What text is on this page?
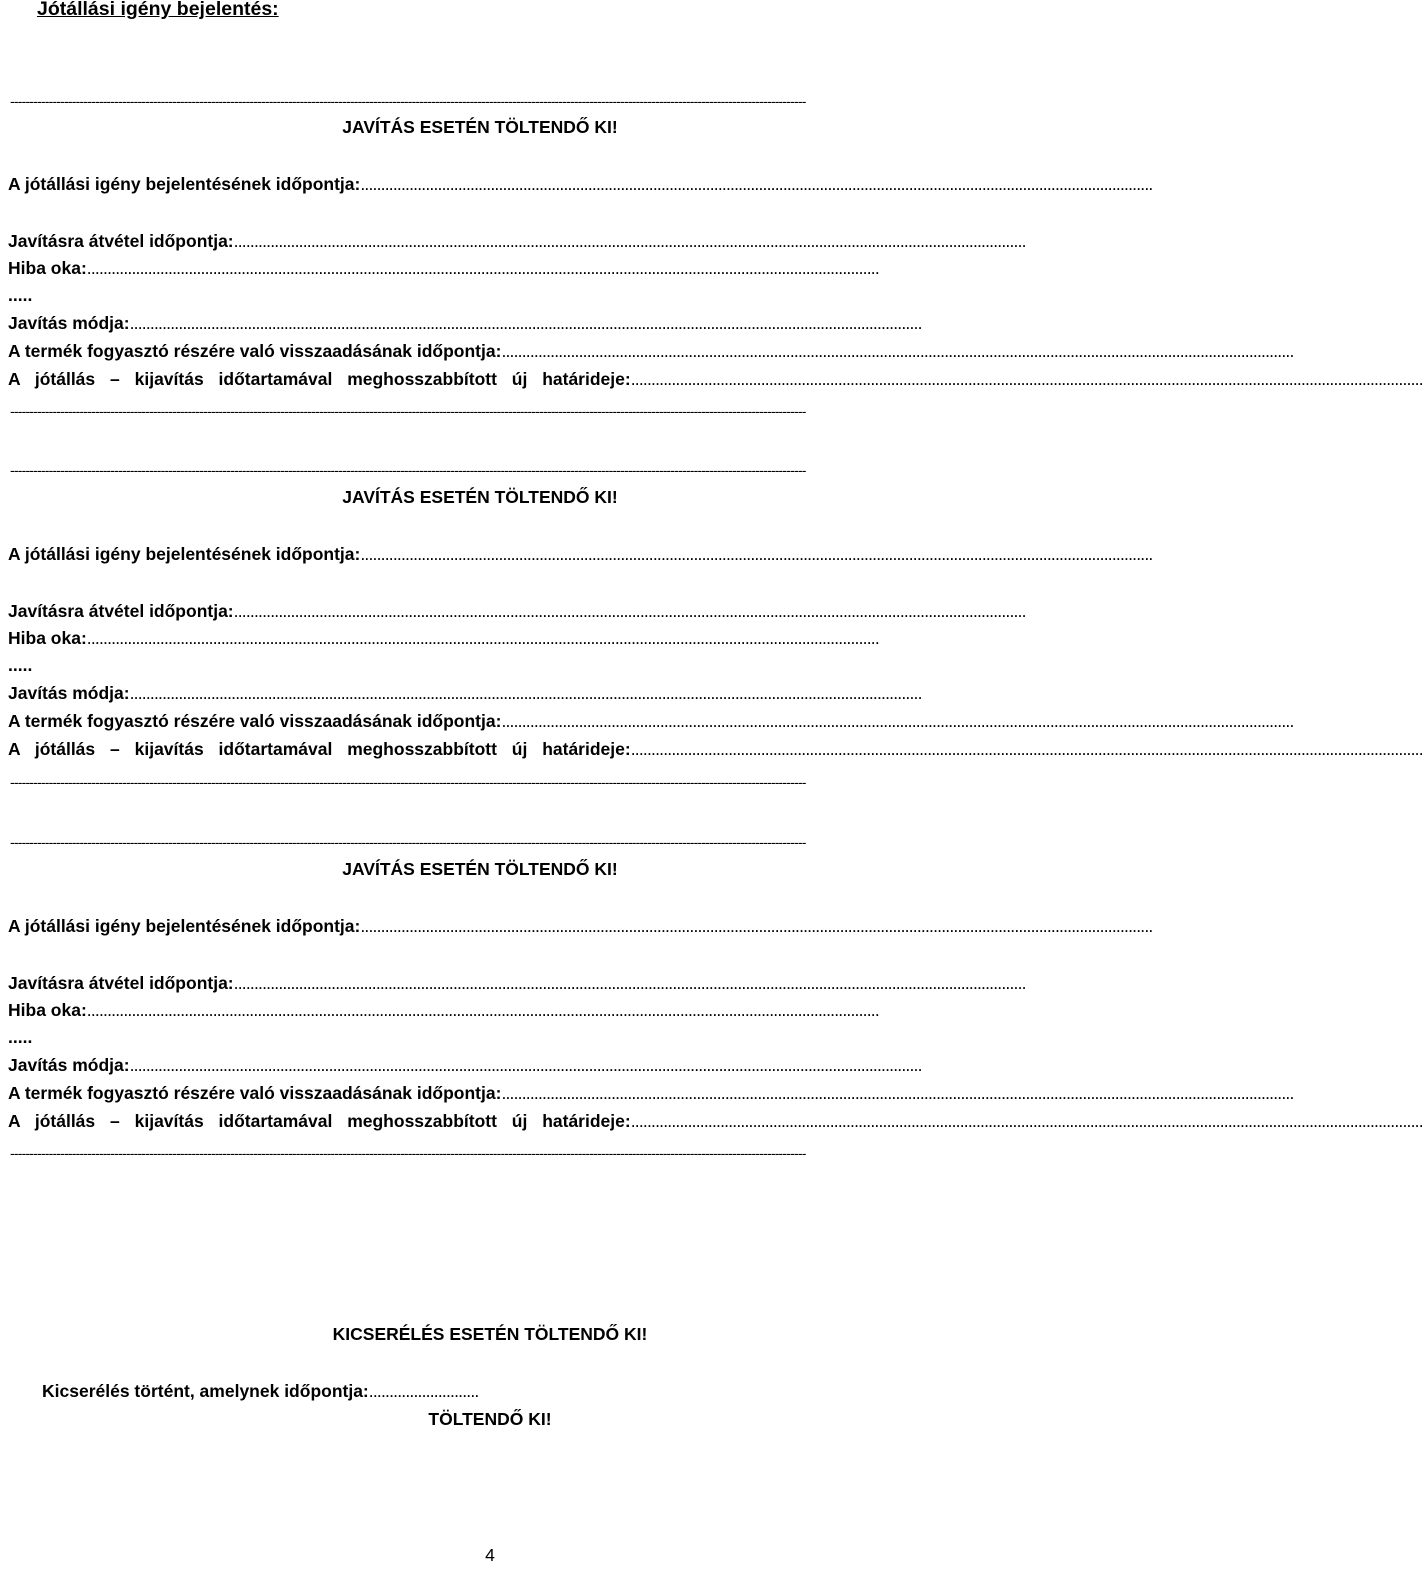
Jótállási igény bejelentés:
--------------------------------------------------------------------------------------------------------------------------------------------------------------------------------------------------------------
JAVÍTÁS ESETÉN TÖLTENDŐ KI!
A jótállási igény bejelentésének időpontja: ...................................................................................................................................................................................................
Javításra átvétel időpontja: ...................................................................................................................................................................................................
Hiba oka: ...................................................................................................................................................................................................
.....
Javítás módja: ...................................................................................................................................................................................................
A termék fogyasztó részére való visszaadásának időpontja: ...................................................................................................................................................................................................
A jótállás – kijavítás időtartamával meghosszabbított új határideje: ...................................................................................................................................................................................................
--------------------------------------------------------------------------------------------------------------------------------------------------------------------------------------------------------------
--------------------------------------------------------------------------------------------------------------------------------------------------------------------------------------------------------------
JAVÍTÁS ESETÉN TÖLTENDŐ KI!
A jótállási igény bejelentésének időpontja: ...................................................................................................................................................................................................
Javításra átvétel időpontja: ...................................................................................................................................................................................................
Hiba oka: ...................................................................................................................................................................................................
.....
Javítás módja: ...................................................................................................................................................................................................
A termék fogyasztó részére való visszaadásának időpontja: ...................................................................................................................................................................................................
A jótállás – kijavítás időtartamával meghosszabbított új határideje: ...................................................................................................................................................................................................
--------------------------------------------------------------------------------------------------------------------------------------------------------------------------------------------------------------
--------------------------------------------------------------------------------------------------------------------------------------------------------------------------------------------------------------
JAVÍTÁS ESETÉN TÖLTENDŐ KI!
A jótállási igény bejelentésének időpontja: ...................................................................................................................................................................................................
Javításra átvétel időpontja: ...................................................................................................................................................................................................
Hiba oka: ...................................................................................................................................................................................................
.....
Javítás módja: ...................................................................................................................................................................................................
A termék fogyasztó részére való visszaadásának időpontja: ...................................................................................................................................................................................................
A jótállás – kijavítás időtartamával meghosszabbított új határideje: ...................................................................................................................................................................................................
--------------------------------------------------------------------------------------------------------------------------------------------------------------------------------------------------------------
KICSERÉLÉS ESETÉN TÖLTENDŐ KI!
Kicserélés történt, amelynek időpontja: ...........................
TÖLTENDŐ KI!
4
